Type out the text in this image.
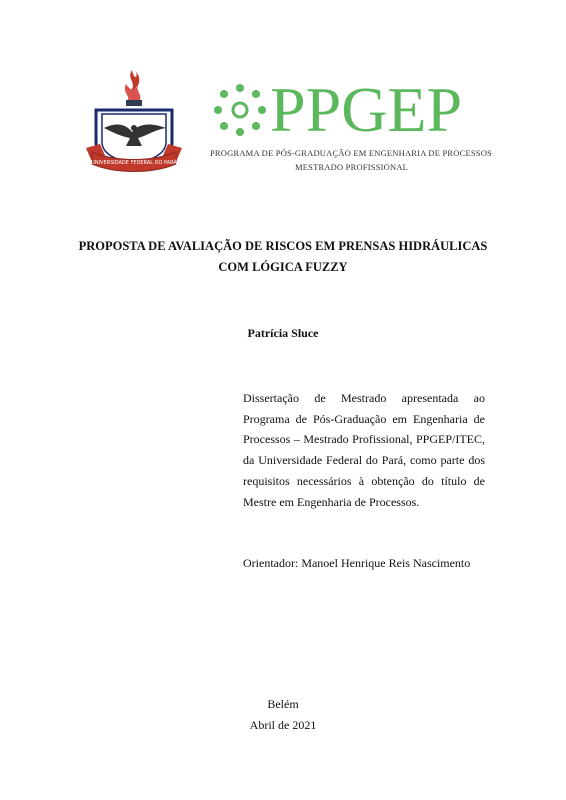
UNIVERSIDADE FEDERAL DO PARÁ
PPGEP
PROGRAMA DE PÓS-GRADUAÇÃO EM ENGENHARIA DE PROCESSOS
MESTRADO PROFISSIONAL
PROPOSTA DE AVALIAÇÃO DE RISCOS EM PRENSAS HIDRÁULICAS
COM LÓGICA FUZZY
Patrícia Sluce
Dissertação de Mestrado apresentada ao Programa de Pós-Graduação em Engenharia de Processos – Mestrado Profissional, PPGEP/ITEC, da Universidade Federal do Pará, como parte dos requisitos necessários à obtenção do título de Mestre em Engenharia de Processos.
Orientador: Manoel Henrique Reis Nascimento
Belém
Abril de 2021
